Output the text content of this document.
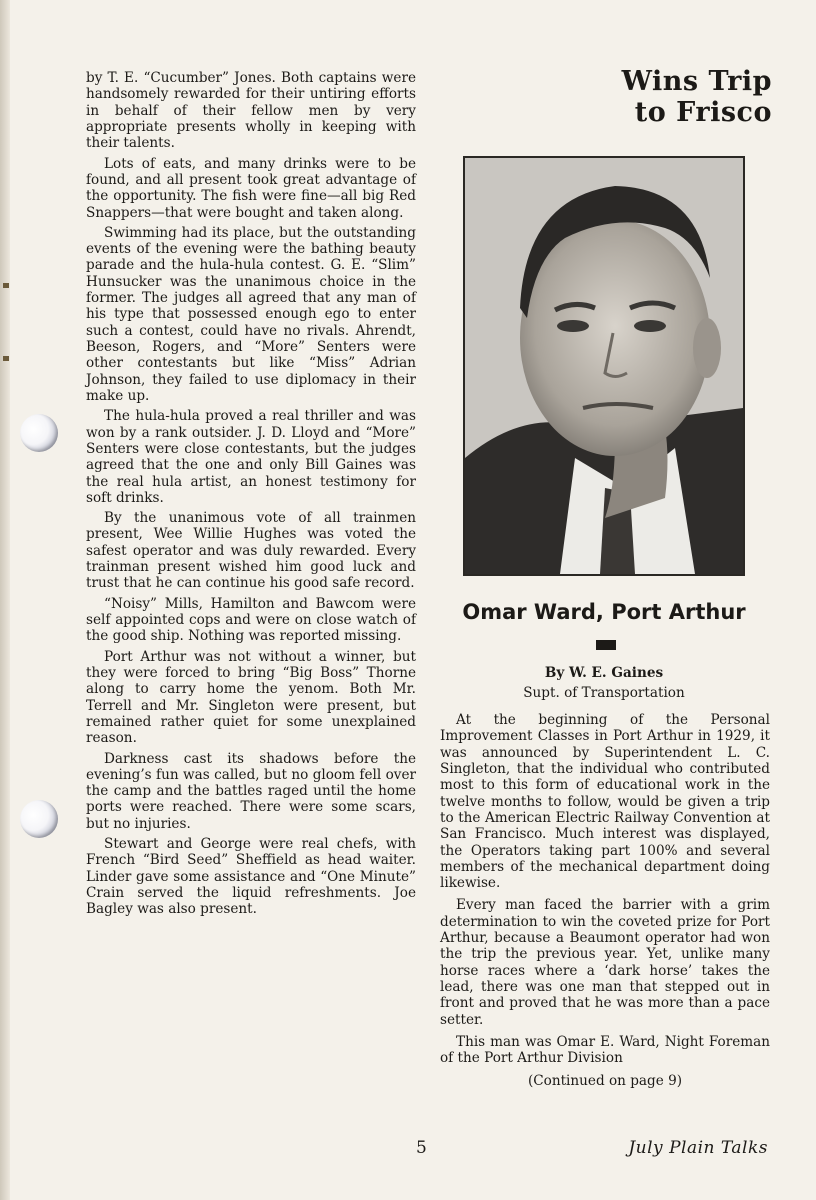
by T. E. “Cucumber” Jones. Both captains were handsomely rewarded for their untiring efforts in behalf of their fellow men by very appropriate presents wholly in keeping with their talents.

Lots of eats, and many drinks were to be found, and all present took great advantage of the opportunity. The fish were fine—all big Red Snappers—that were bought and taken along.

Swimming had its place, but the outstanding events of the evening were the bathing beauty parade and the hula-hula contest. G. E. “Slim” Hunsucker was the unanimous choice in the former. The judges all agreed that any man of his type that possessed enough ego to enter such a contest, could have no rivals. Ahrendt, Beeson, Rogers, and “More” Senters were other contestants but like “Miss” Adrian Johnson, they failed to use diplomacy in their make up.

The hula-hula proved a real thriller and was won by a rank outsider. J. D. Lloyd and “More” Senters were close contestants, but the judges agreed that the one and only Bill Gaines was the real hula artist, an honest testimony for soft drinks.

By the unanimous vote of all trainmen present, Wee Willie Hughes was voted the safest operator and was duly rewarded. Every trainman present wished him good luck and trust that he can continue his good safe record.

“Noisy” Mills, Hamilton and Bawcom were self appointed cops and were on close watch of the good ship. Nothing was reported missing.

Port Arthur was not without a winner, but they were forced to bring “Big Boss” Thorne along to carry home the yenom. Both Mr. Terrell and Mr. Singleton were present, but remained rather quiet for some unexplained reason.

Darkness cast its shadows before the evening’s fun was called, but no gloom fell over the camp and the battles raged until the home ports were reached. There were some scars, but no injuries.

Stewart and George were real chefs, with French “Bird Seed” Sheffield as head waiter. Linder gave some assistance and “One Minute” Crain served the liquid refreshments. Joe Bagley was also present.

Wins Trip
to Frisco
Omar Ward, Port Arthur
By W. E. Gaines
Supt. of Transportation

At the beginning of the Personal Improvement Classes in Port Arthur in 1929, it was announced by Superintendent L. C. Singleton, that the individual who contributed most to this form of educational work in the twelve months to follow, would be given a trip to the American Electric Railway Convention at San Francisco. Much interest was displayed, the Operators taking part 100% and several members of the mechanical department doing likewise.

Every man faced the barrier with a grim determination to win the coveted prize for Port Arthur, because a Beaumont operator had won the trip the previous year. Yet, unlike many horse races where a ‘dark horse’ takes the lead, there was one man that stepped out in front and proved that he was more than a pace setter.

This man was Omar E. Ward, Night Foreman of the Port Arthur Division

(Continued on page 9)
5	July Plain Talks
